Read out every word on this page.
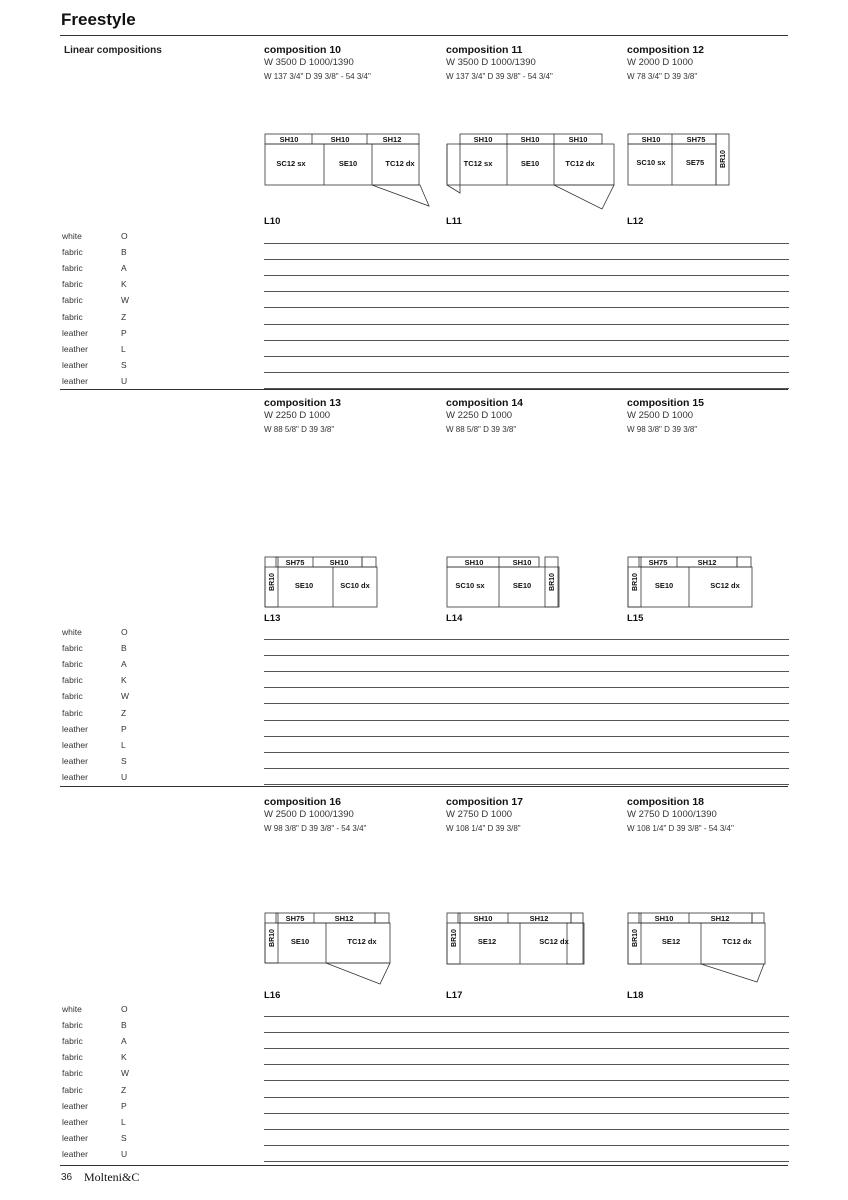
Freestyle
Linear compositions	composition 10
W 3500 D 1000/1390
W 137 3/4" D 39 3/8" - 54 3/4"
L10
SH10	SH10	SH12
SC12 sx	SE10	TC12 dx
composition 11
W 3500 D 1000/1390
W 137 3/4" D 39 3/8" - 54 3/4"
L11
SH10	SH10	SH10
TC12 sx	SE10	TC12 dx
composition 12
W 2000 D 1000
W 78 3/4" D 39 3/8"
L12
SH10	SH75
SC10 sx	SE75 BR10
composition 13
W 2250 D 1000
W 88 5/8" D 39 3/8"
L13
SH75	SH10
SE10	SC10 dx
BR10
composition 14
W 2250 D 1000
W 88 5/8" D 39 3/8"
L14
SH10	SH10
SC10 sx	SE10	BR10
composition 15
W 2500 D 1000
W 98 3/8" D 39 3/8"
L15
SH75	SH12
SE10	SC12 dx
BR10
composition 16
W 2500 D 1000/1390
W 98 3/8" D 39 3/8" - 54 3/4"
L16
SH75	SH12
SE10	TC12 dx
BR10
composition 17
W 2750 D 1000
W 108 1/4" D 39 3/8"
L17
SH10	SH12
SE12	SC12 dx
BR10
composition 18
W 2750 D 1000/1390
W 108 1/4" D 39 3/8" - 54 3/4"
L18
SH10	SH12
SE12	TC12 dx
BR10
white	O
fabric	B
fabric	A
fabric	K
fabric	W
fabric	Z
leather	P
leather	L
leather	S
leather	U
white	O
fabric	B
fabric	A
fabric	K
fabric	W
fabric	Z
leather	P
leather	L
leather	S
leather	U
white	O
fabric	B
fabric	A
fabric	K
fabric	W
fabric	Z
leather	P
leather	L
leather	S
leather	U
36 Molteni&C
